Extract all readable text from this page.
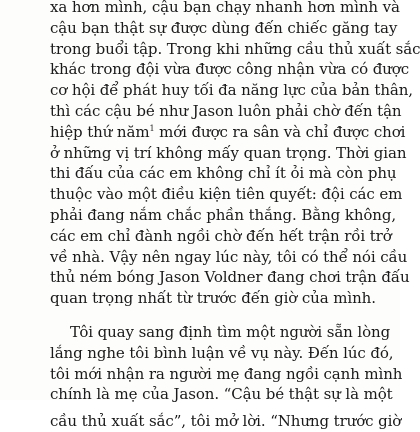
xa hơn mình, cậu bạn chạy nhanh hơn mình và
cậu bạn thật sự được dùng đến chiếc găng tay
trong buổi tập. Trong khi những cầu thủ xuất sắc
khác trong đội vừa được công nhận vừa có được
cơ hội để phát huy tối đa năng lực của bản thân,
thì các cậu bé như Jason luôn phải chờ đến tận
hiệp thứ năm$^1$ mới được ra sân và chỉ được chơi
ở những vị trí không mấy quan trọng. Thời gian
thi đấu của các em không chỉ ít ỏi mà còn phụ
thuộc vào một điều kiện tiên quyết: đội các em
phải đang nắm chắc phần thắng. Bằng không,
các em chỉ đành ngồi chờ đến hết trận rồi trở
về nhà. Vậy nên ngay lúc này, tôi có thể nói cầu
thủ ném bóng Jason Voldner đang chơi trận đấu
quan trọng nhất từ trước đến giờ của mình.
Tôi quay sang định tìm một người sẵn lòng
lắng nghe tôi bình luận về vụ này. Đến lúc đó,
tôi mới nhận ra người mẹ đang ngồi cạnh mình
chính là mẹ của Jason. “Cậu bé thật sự là một
cầu thủ xuất sắc”, tôi mở lời. “Nhưng trước giờ
